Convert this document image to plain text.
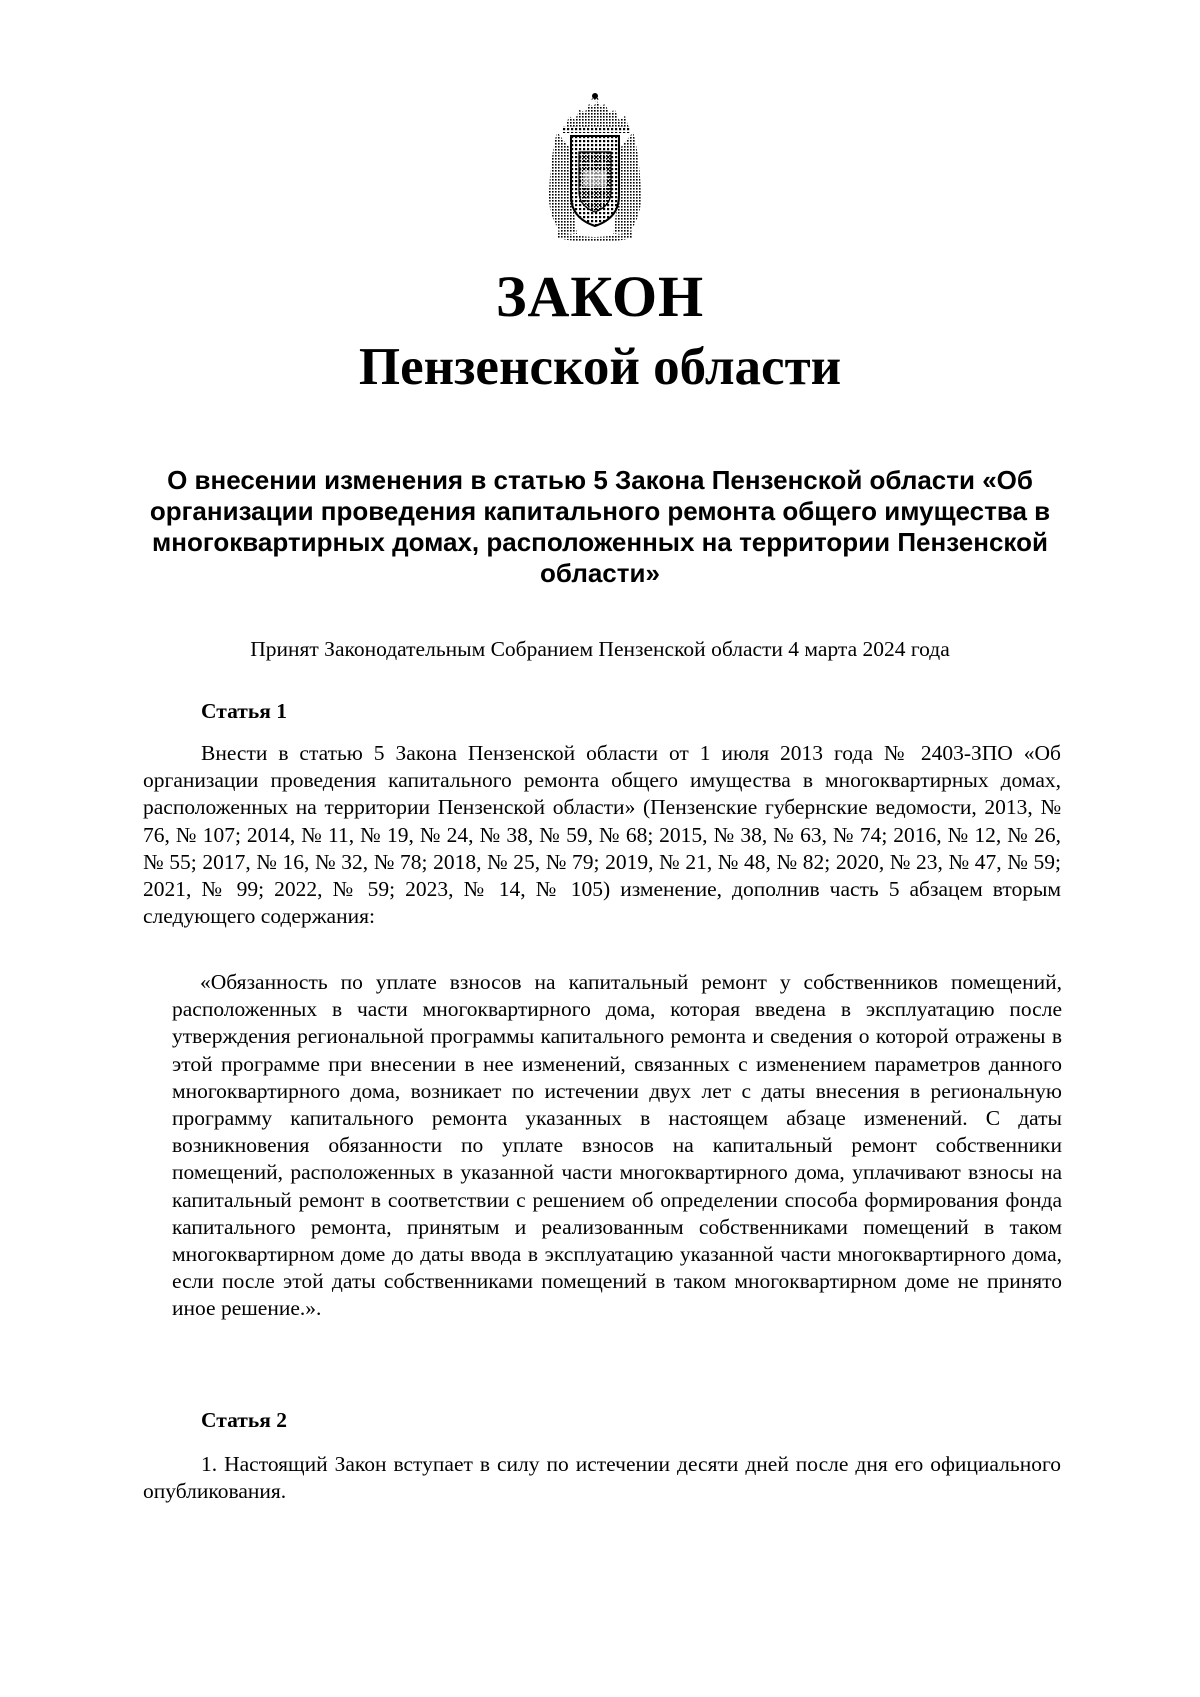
ЗАКОН
Пензенской области
О внесении изменения в статью 5 Закона Пензенской области «Об организации проведения капитального ремонта общего имущества в многоквартирных домах, расположенных на территории Пензенской области»
Принят Законодательным Собранием Пензенской области 4 марта 2024 года
Статья 1
Внести в статью 5 Закона Пензенской области от 1 июля 2013 года № 2403-ЗПО «Об организации проведения капитального ремонта общего имущества в многоквартирных домах, расположенных на территории Пензенской области» (Пензенские губернские ведомости, 2013, № 76, № 107; 2014, № 11, № 19, № 24, № 38, № 59, № 68; 2015, № 38, № 63, № 74; 2016, № 12, № 26, № 55; 2017, № 16, № 32, № 78; 2018, № 25, № 79; 2019, № 21, № 48, № 82; 2020, № 23, № 47, № 59; 2021, № 99; 2022, № 59; 2023, № 14, № 105) изменение, дополнив часть 5 абзацем вторым следующего содержания:
«Обязанность по уплате взносов на капитальный ремонт у собственников помещений, расположенных в части многоквартирного дома, которая введена в эксплуатацию после утверждения региональной программы капитального ремонта и сведения о которой отражены в этой программе при внесении в нее изменений, связанных с изменением параметров данного многоквартирного дома, возникает по истечении двух лет с даты внесения в региональную программу капитального ремонта указанных в настоящем абзаце изменений. С даты возникновения обязанности по уплате взносов на капитальный ремонт собственники помещений, расположенных в указанной части многоквартирного дома, уплачивают взносы на капитальный ремонт в соответствии с решением об определении способа формирования фонда капитального ремонта, принятым и реализованным собственниками помещений в таком многоквартирном доме до даты ввода в эксплуатацию указанной части многоквартирного дома, если после этой даты собственниками помещений в таком многоквартирном доме не принято иное решение.».
Статья 2
1. Настоящий Закон вступает в силу по истечении десяти дней после дня его официального опубликования.
